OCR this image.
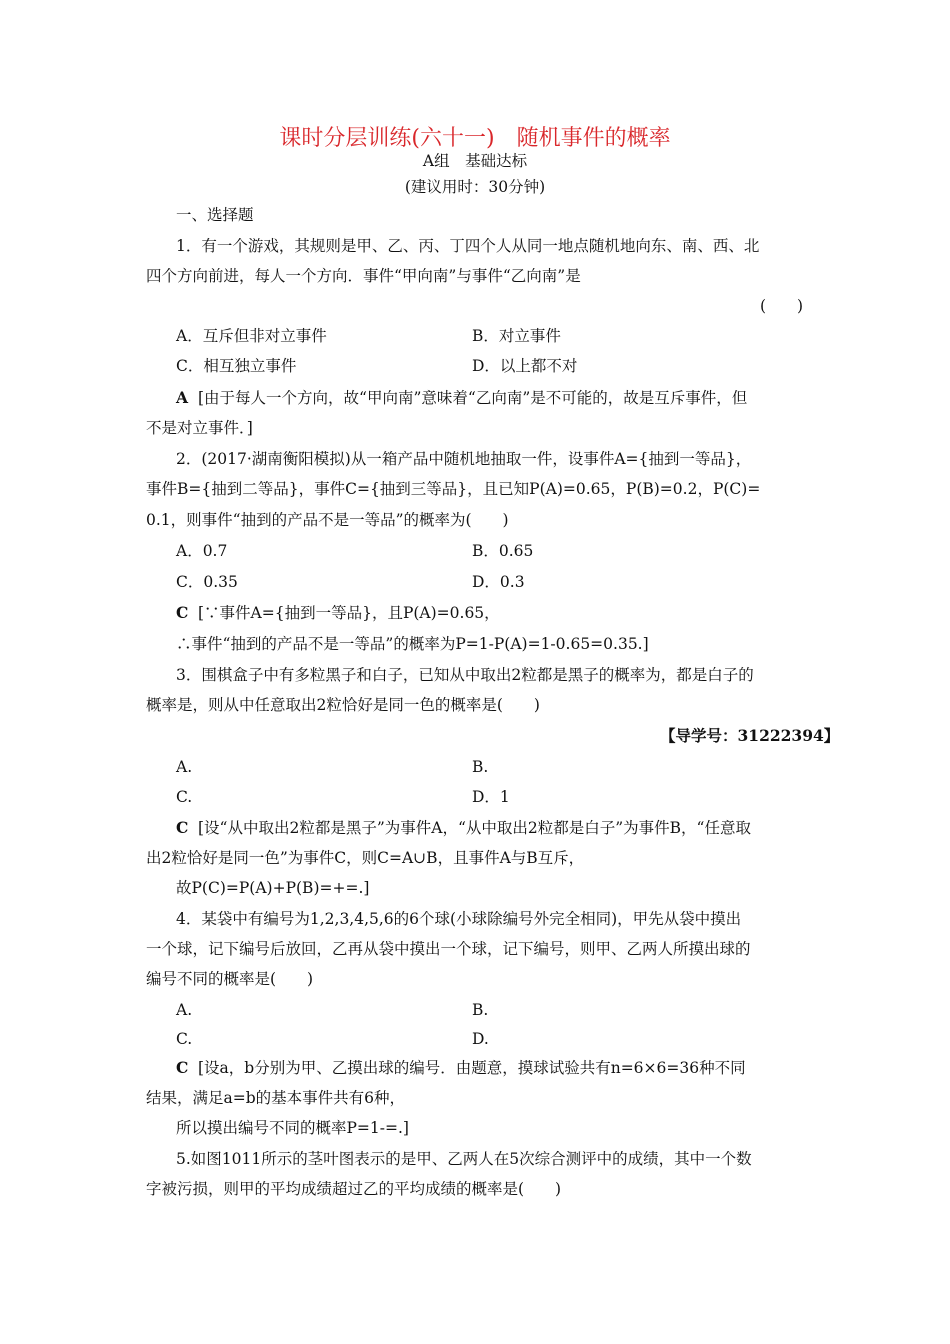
课时分层训练(六十一)　随机事件的概率
A组　基础达标
(建议用时：30分钟)
一、选择题
1．有一个游戏，其规则是甲、乙、丙、丁四个人从同一地点随机地向东、南、西、北
四个方向前进，每人一个方向．事件“甲向南”与事件“乙向南”是
(　　)
A．互斥但非对立事件	B．对立事件
C．相互独立事件	D．以上都不对
A [由于每人一个方向，故“甲向南”意味着“乙向南”是不可能的，故是互斥事件，但
不是对立事件．]
2．(2017·湖南衡阳模拟)从一箱产品中随机地抽取一件，设事件A={抽到一等品}，
事件B={抽到二等品}，事件C={抽到三等品}，且已知P(A)=0.65，P(B)=0.2，P(C)=
0.1，则事件“抽到的产品不是一等品”的概率为(　　)
A．0.7	B．0.65
C．0.35	D．0.3
C [∵事件A={抽到一等品}，且P(A)=0.65，
∴事件“抽到的产品不是一等品”的概率为P=1-P(A)=1-0.65=0.35.]
3．围棋盒子中有多粒黑子和白子，已知从中取出2粒都是黑子的概率为，都是白子的
概率是，则从中任意取出2粒恰好是同一色的概率是(　　)
【导学号：31222394】
A.	B.
C.	D．1
C [设“从中取出2粒都是黑子”为事件A，“从中取出2粒都是白子”为事件B，“任意取
出2粒恰好是同一色”为事件C，则C=A∪B，且事件A与B互斥，
故P(C)=P(A)+P(B)=+=.]
4．某袋中有编号为1,2,3,4,5,6的6个球(小球除编号外完全相同)，甲先从袋中摸出
一个球，记下编号后放回，乙再从袋中摸出一个球，记下编号，则甲、乙两人所摸出球的
编号不同的概率是(　　)
A.	B.
C.	D.
C [设a，b分别为甲、乙摸出球的编号．由题意，摸球试验共有n=6×6=36种不同
结果，满足a=b的基本事件共有6种，
所以摸出编号不同的概率P=1-=.]
5.如图1011所示的茎叶图表示的是甲、乙两人在5次综合测评中的成绩，其中一个数
字被污损，则甲的平均成绩超过乙的平均成绩的概率是(　　)
